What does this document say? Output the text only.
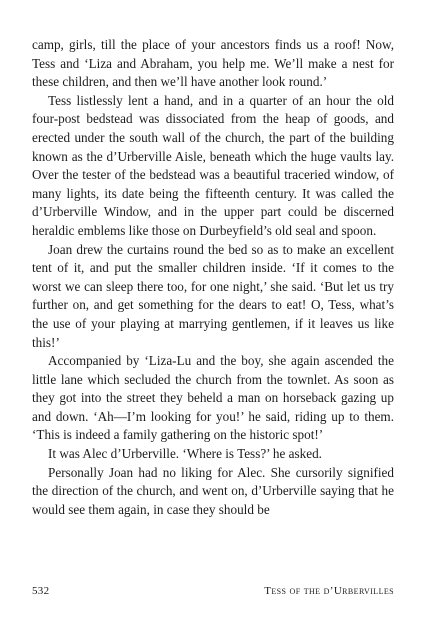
camp, girls, till the place of your ancestors finds us a roof! Now, Tess and ‘Liza and Abraham, you help me. We’ll make a nest for these children, and then we’ll have another look round.’

Tess listlessly lent a hand, and in a quarter of an hour the old four-post bedstead was dissociated from the heap of goods, and erected under the south wall of the church, the part of the building known as the d’Urberville Aisle, beneath which the huge vaults lay. Over the tester of the bedstead was a beautiful traceried window, of many lights, its date being the fifteenth century. It was called the d’Urberville Window, and in the upper part could be discerned heraldic emblems like those on Durbeyfield’s old seal and spoon.

Joan drew the curtains round the bed so as to make an excellent tent of it, and put the smaller children inside. ‘If it comes to the worst we can sleep there too, for one night,’ she said. ‘But let us try further on, and get something for the dears to eat! O, Tess, what’s the use of your playing at marrying gentlemen, if it leaves us like this!’

Accompanied by ‘Liza-Lu and the boy, she again ascended the little lane which secluded the church from the townlet. As soon as they got into the street they beheld a man on horseback gazing up and down. ‘Ah—I’m looking for you!’ he said, riding up to them. ‘This is indeed a family gathering on the historic spot!’

It was Alec d’Urberville. ‘Where is Tess?’ he asked.

Personally Joan had no liking for Alec. She cursorily signified the direction of the church, and went on, d’Urberville saying that he would see them again, in case they should be

532	Tess of the d’Urbervilles
